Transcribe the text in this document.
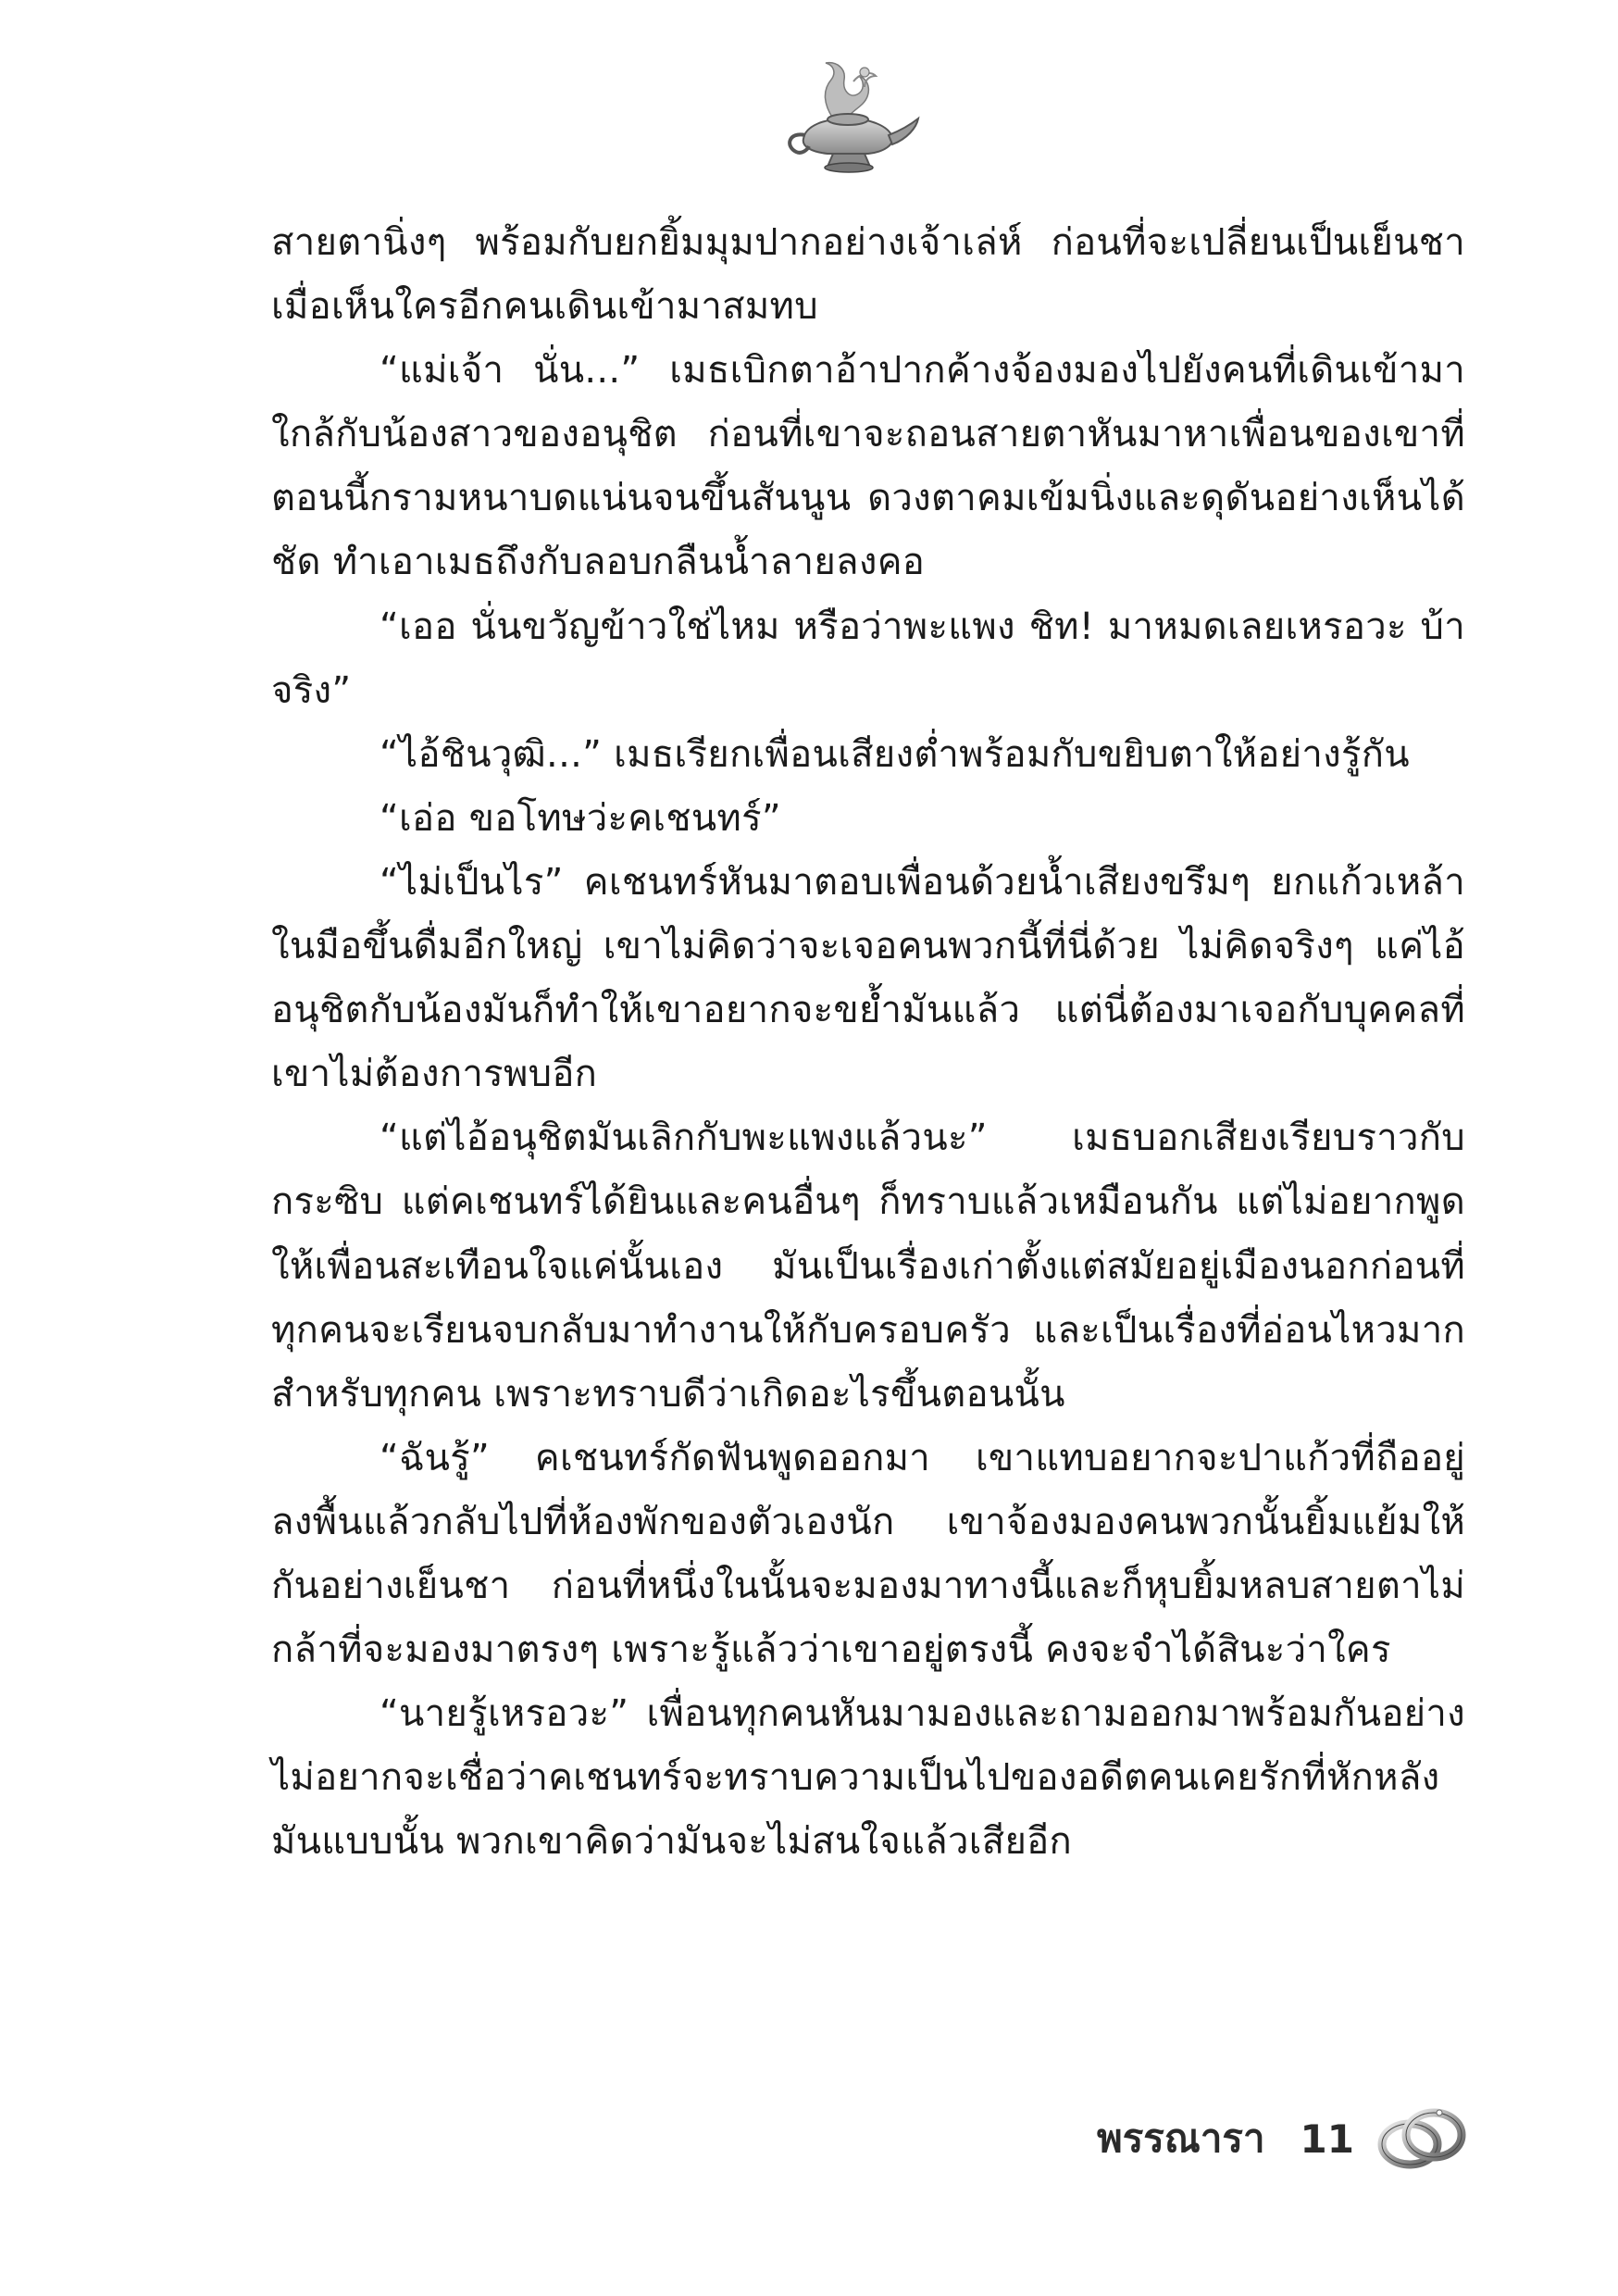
สายตานิ่งๆ พร้อมกับยกยิ้มมุมปากอย่างเจ้าเล่ห์ ก่อนที่จะเปลี่ยนเป็นเย็นชาเมื่อเห็นใครอีกคนเดินเข้ามาสมทบ

“แม่เจ้า นั่น...” เมธเบิกตาอ้าปากค้างจ้องมองไปยังคนที่เดินเข้ามาใกล้กับน้องสาวของอนุชิต ก่อนที่เขาจะถอนสายตาหันมาหาเพื่อนของเขาที่ตอนนี้กรามหนาบดแน่นจนขึ้นสันนูน ดวงตาคมเข้มนิ่งและดุดันอย่างเห็นได้ชัด ทำเอาเมธถึงกับลอบกลืนน้ำลายลงคอ

“เออ นั่นขวัญข้าวใช่ไหม หรือว่าพะแพง ชิท! มาหมดเลยเหรอวะ บ้าจริง”

“ไอ้ชินวุฒิ...” เมธเรียกเพื่อนเสียงต่ำพร้อมกับขยิบตาให้อย่างรู้กัน

“เอ่อ ขอโทษว่ะคเชนทร์”

“ไม่เป็นไร” คเชนทร์หันมาตอบเพื่อนด้วยน้ำเสียงขรึมๆ ยกแก้วเหล้าในมือขึ้นดื่มอีกใหญ่ เขาไม่คิดว่าจะเจอคนพวกนี้ที่นี่ด้วย ไม่คิดจริงๆ แค่ไอ้อนุชิตกับน้องมันก็ทำให้เขาอยากจะขย้ำมันแล้ว แต่นี่ต้องมาเจอกับบุคคลที่เขาไม่ต้องการพบอีก

“แต่ไอ้อนุชิตมันเลิกกับพะแพงแล้วนะ” เมธบอกเสียงเรียบราวกับกระซิบ แต่คเชนทร์ได้ยินและคนอื่นๆ ก็ทราบแล้วเหมือนกัน แต่ไม่อยากพูดให้เพื่อนสะเทือนใจแค่นั้นเอง มันเป็นเรื่องเก่าตั้งแต่สมัยอยู่เมืองนอกก่อนที่ทุกคนจะเรียนจบกลับมาทำงานให้กับครอบครัว และเป็นเรื่องที่อ่อนไหวมากสำหรับทุกคน เพราะทราบดีว่าเกิดอะไรขึ้นตอนนั้น

“ฉันรู้” คเชนทร์กัดฟันพูดออกมา เขาแทบอยากจะปาแก้วที่ถืออยู่ลงพื้นแล้วกลับไปที่ห้องพักของตัวเองนัก เขาจ้องมองคนพวกนั้นยิ้มแย้มให้กันอย่างเย็นชา ก่อนที่หนึ่งในนั้นจะมองมาทางนี้และก็หุบยิ้มหลบสายตาไม่กล้าที่จะมองมาตรงๆ เพราะรู้แล้วว่าเขาอยู่ตรงนี้ คงจะจำได้สินะว่าใคร

“นายรู้เหรอวะ” เพื่อนทุกคนหันมามองและถามออกมาพร้อมกันอย่างไม่อยากจะเชื่อว่าคเชนทร์จะทราบความเป็นไปของอดีตคนเคยรักที่หักหลังมันแบบนั้น พวกเขาคิดว่ามันจะไม่สนใจแล้วเสียอีก

พรรณารา 11
